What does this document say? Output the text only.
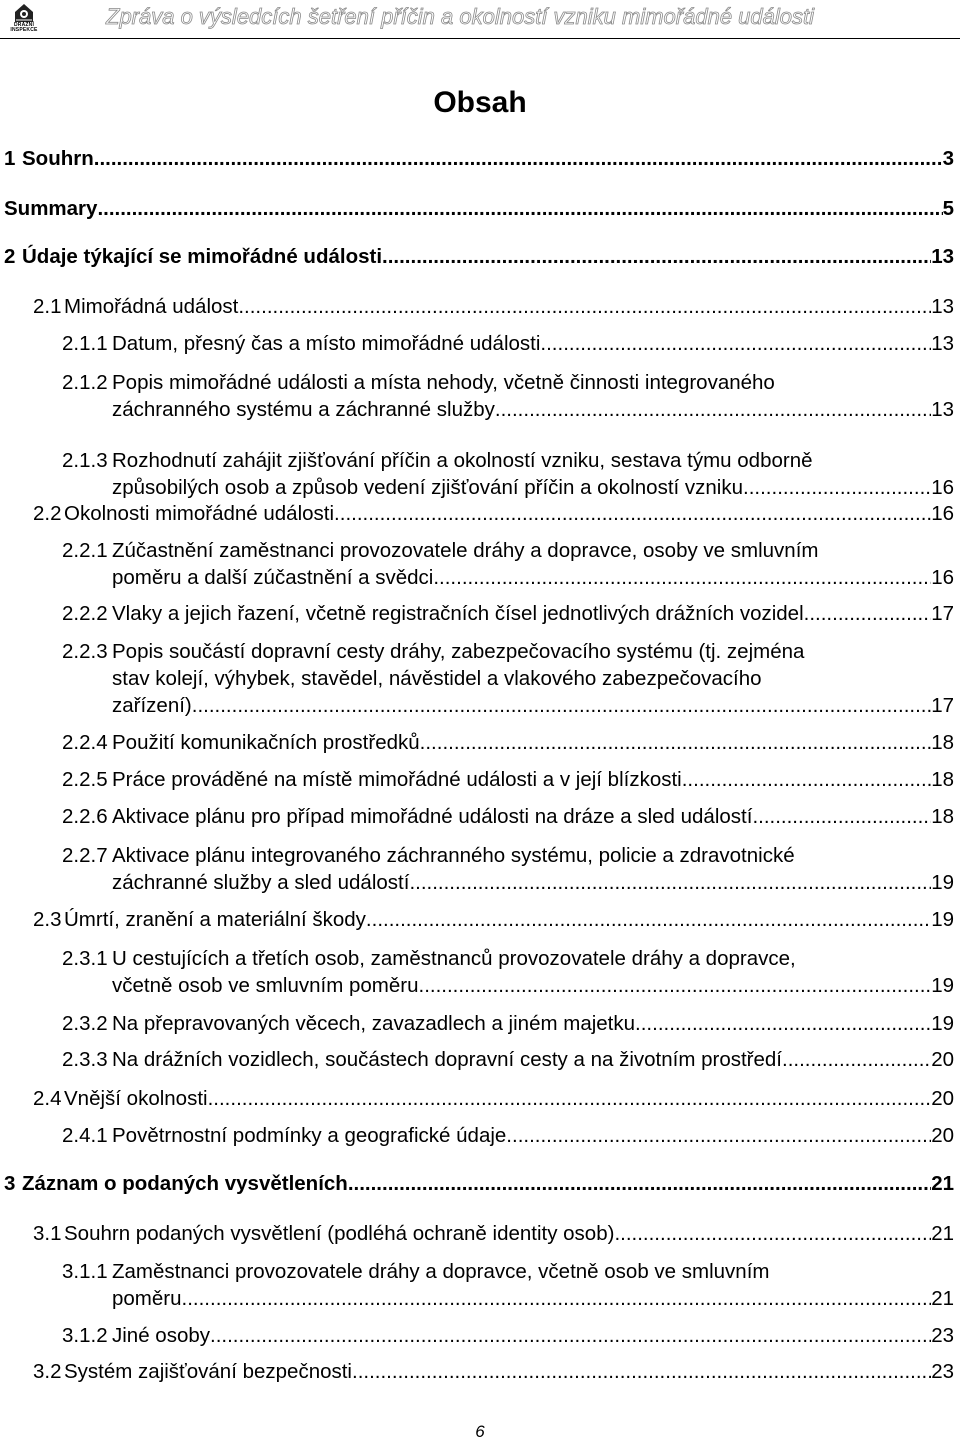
DRÁŽNÍ
INSPEKCE
Zpráva o výsledcích šetření příčin a okolností vzniku mimořádné události
Obsah
1 Souhrn .....	3
Summary .....	5
2 Údaje týkající se mimořádné události .....	13
2.1 Mimořádná událost .....	13
2.1.1 Datum, přesný čas a místo mimořádné události .....	13
2.1.2 Popis mimořádné události a místa nehody, včetně činnosti integrovaného
záchranného systému a záchranné služby .....	13
2.1.3 Rozhodnutí zahájit zjišťování příčin a okolností vzniku, sestava týmu odborně
způsobilých osob a způsob vedení zjišťování příčin a okolností vzniku .....	16
2.2 Okolnosti mimořádné události .....	16
2.2.1 Zúčastnění zaměstnanci provozovatele dráhy a dopravce, osoby ve smluvním
poměru a další zúčastnění a svědci .....	16
2.2.2 Vlaky a jejich řazení, včetně registračních čísel jednotlivých drážních vozidel. .....	17
2.2.3 Popis součástí dopravní cesty dráhy, zabezpečovacího systému (tj. zejména
stav kolejí, výhybek, stavědel, návěstidel a vlakového zabezpečovacího
zařízení) .....	17
2.2.4 Použití komunikačních prostředků .....	18
2.2.5 Práce prováděné na místě mimořádné události a v její blízkosti .....	18
2.2.6 Aktivace plánu pro případ mimořádné události na dráze a sled událostí .....	18
2.2.7 Aktivace plánu integrovaného záchranného systému, policie a zdravotnické
záchranné služby a sled událostí .....	19
2.3 Úmrtí, zranění a materiální škody .....	19
2.3.1 U cestujících a třetích osob, zaměstnanců provozovatele dráhy a dopravce,
včetně osob ve smluvním poměru .....	19
2.3.2 Na přepravovaných věcech, zavazadlech a jiném majetku .....	19
2.3.3 Na drážních vozidlech, součástech dopravní cesty a na životním prostředí .....	20
2.4 Vnější okolnosti .....	20
2.4.1 Povětrnostní podmínky a geografické údaje .....	20
3 Záznam o podaných vysvětleních .....	21
3.1 Souhrn podaných vysvětlení (podléhá ochraně identity osob) .....	21
3.1.1 Zaměstnanci provozovatele dráhy a dopravce, včetně osob ve smluvním
poměru .....	21
3.1.2 Jiné osoby .....	23
3.2 Systém zajišťování bezpečnosti .....	23
6
